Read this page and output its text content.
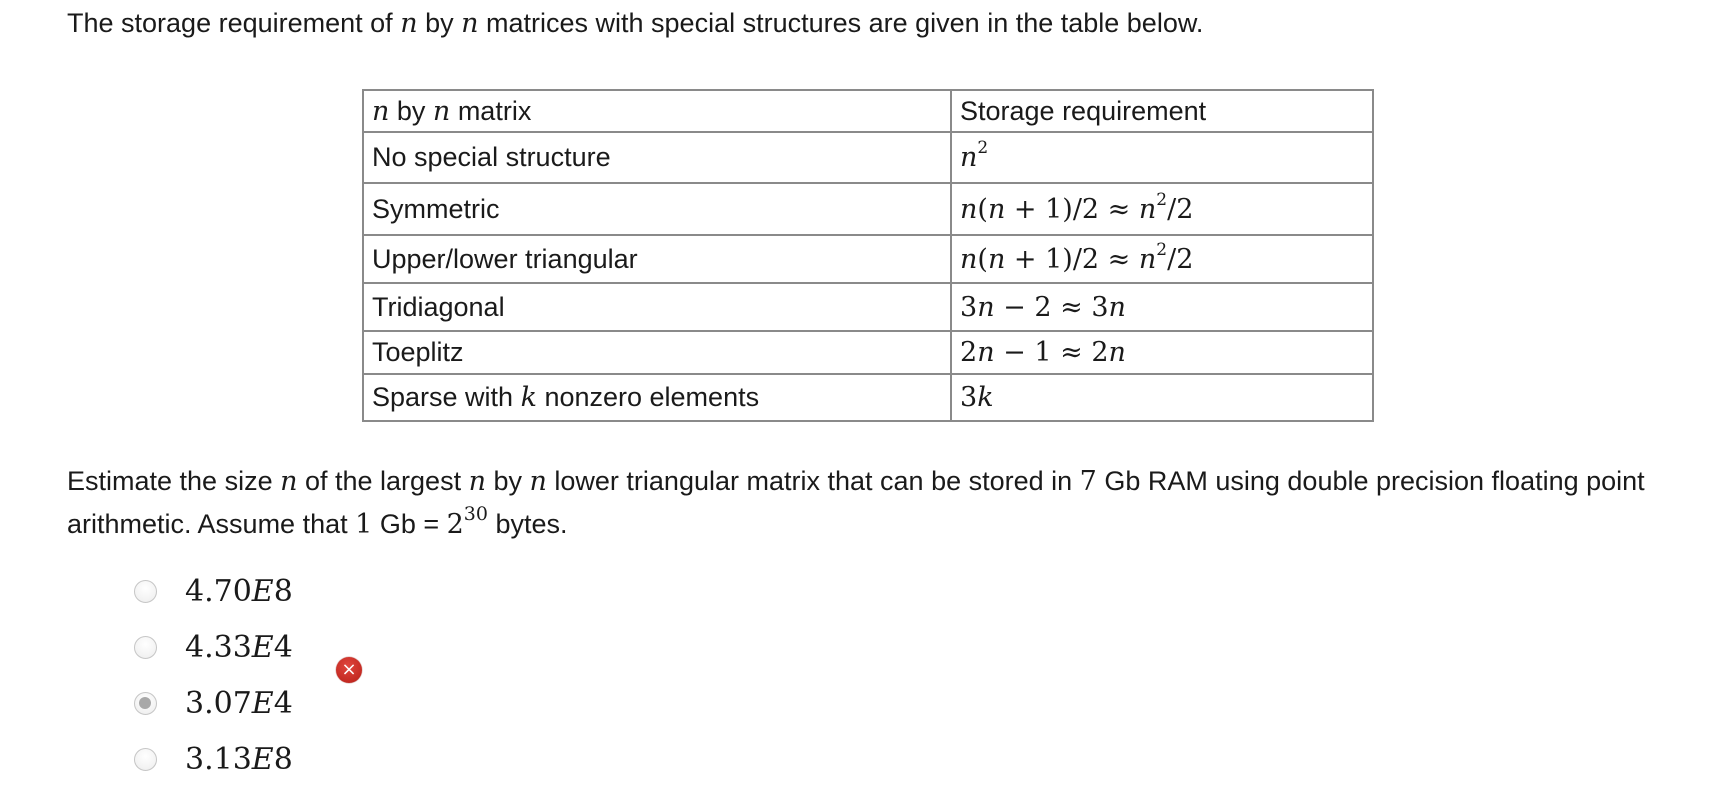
The storage requirement of n by n matrices with special structures are given in the table below.
n by n matrix	Storage requirement
No special structure	$n^2$
Symmetric	$n(n + 1)/2 \approx n^2/2$
Upper/lower triangular	$n(n + 1)/2 \approx n^2/2$
Tridiagonal	3n − 2 ≈ 3n
Toeplitz	2n − 1 ≈ 2n
Sparse with k nonzero elements	3k
Estimate the size n of the largest n by n lower triangular matrix that can be stored in 7 Gb RAM using double precision floating point arithmetic. Assume that 1 $Gb = 2^{30}$ bytes.
4.70E8
4.33E4
3.07E4
3.13E8
×
